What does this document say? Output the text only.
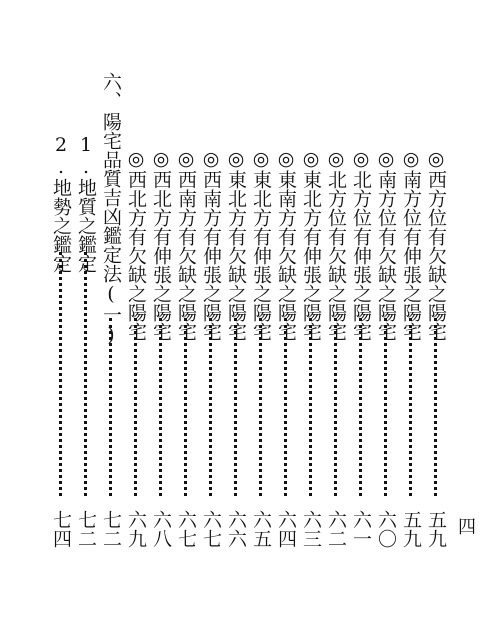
四
◎西方位有欠缺之陽宅
五九
◎南方位有伸張之陽宅
五九
◎南方位有欠缺之陽宅
六〇
◎北方位有伸張之陽宅
六一
◎北方位有欠缺之陽宅
六二
◎東北方有伸張之陽宅
六三
◎東南方有欠缺之陽宅
六四
◎東北方有伸張之陽宅
六五
◎東北方有欠缺之陽宅
六六
◎西南方有伸張之陽宅
六七
◎西南方有欠缺之陽宅
六七
◎西北方有伸張之陽宅
六八
◎西北方有欠缺之陽宅
六九
六、
陽宅品質吉凶鑑定法(一)
七二
1.地質之鑑定
七二
2.地勢之鑑定
七四
